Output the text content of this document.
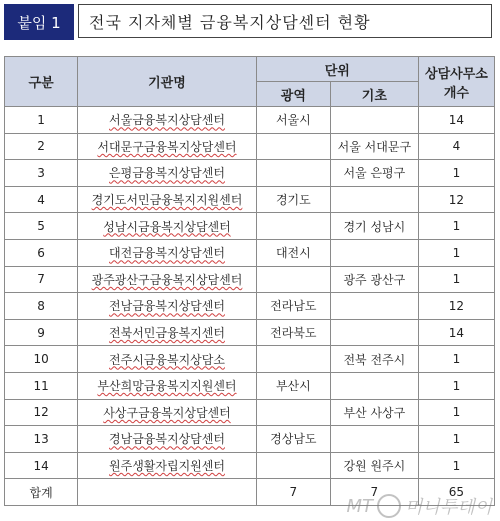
붙임 1	전국 지자체별 금융복지상담센터 현황
구분	기관명	단위		상담사무소 개수
		광역	기초	
1	서울금융복지상담센터	서울시		14
2	서대문구금융복지상담센터		서울 서대문구	4
3	은평금융복지상담센터		서울 은평구	1
4	경기도서민금융복지지원센터	경기도		12
5	성남시금융복지상담센터		경기 성남시	1
6	대전금융복지상담센터	대전시		1
7	광주광산구금융복지상담센터		광주 광산구	1
8	전남금융복지상담센터	전라남도		12
9	전북서민금융복지센터	전라북도		14
10	전주시금융복지상담소		전북 전주시	1
11	부산희망금융복지지원센터	부산시		1
12	사상구금융복지상담센터		부산 사상구	1
13	경남금융복지상담센터	경상남도		1
14	원주생활자립지원센터		강원 원주시	1
합계		7	7	65
MT 머니투데이
